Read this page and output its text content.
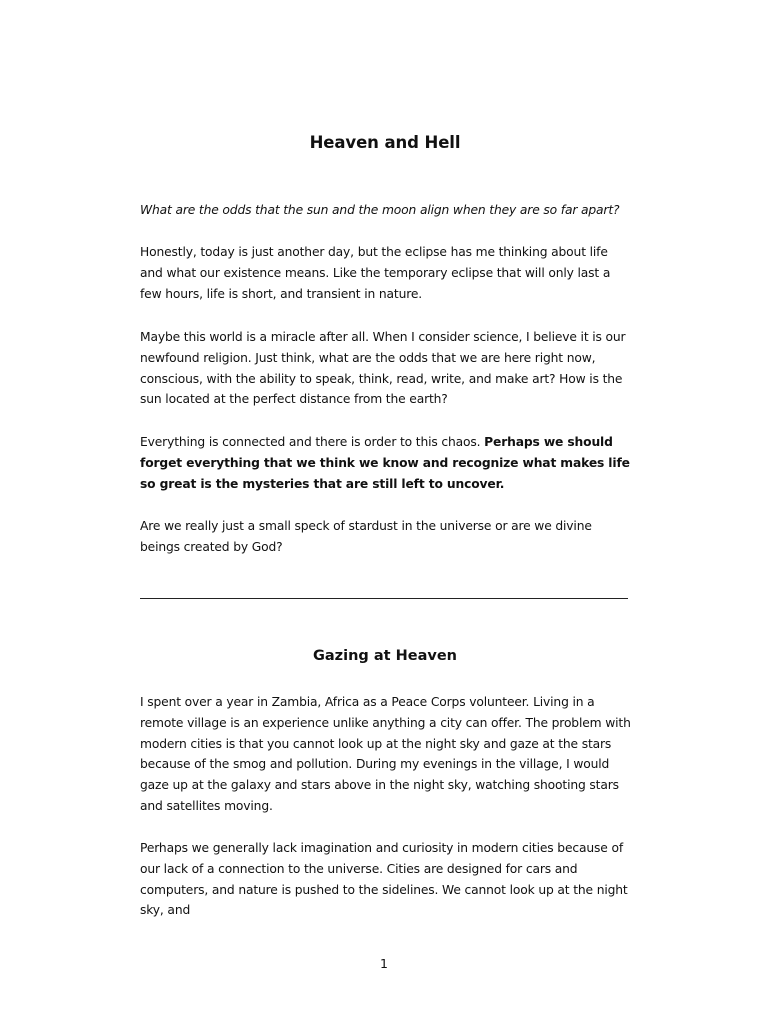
Heaven and Hell

What are the odds that the sun and the moon align when they are so far apart?

Honestly, today is just another day, but the eclipse has me thinking about life and what our existence means. Like the temporary eclipse that will only last a few hours, life is short, and transient in nature.

Maybe this world is a miracle after all. When I consider science, I believe it is our newfound religion. Just think, what are the odds that we are here right now, conscious, with the ability to speak, think, read, write, and make art? How is the sun located at the perfect distance from the earth?

Everything is connected and there is order to this chaos. Perhaps we should forget everything that we think we know and recognize what makes life so great is the mysteries that are still left to uncover.

Are we really just a small speck of stardust in the universe or are we divine beings created by God?

Gazing at Heaven

I spent over a year in Zambia, Africa as a Peace Corps volunteer. Living in a remote village is an experience unlike anything a city can offer. The problem with modern cities is that you cannot look up at the night sky and gaze at the stars because of the smog and pollution. During my evenings in the village, I would gaze up at the galaxy and stars above in the night sky, watching shooting stars and satellites moving.

Perhaps we generally lack imagination and curiosity in modern cities because of our lack of a connection to the universe. Cities are designed for cars and computers, and nature is pushed to the sidelines. We cannot look up at the night sky, and

1
